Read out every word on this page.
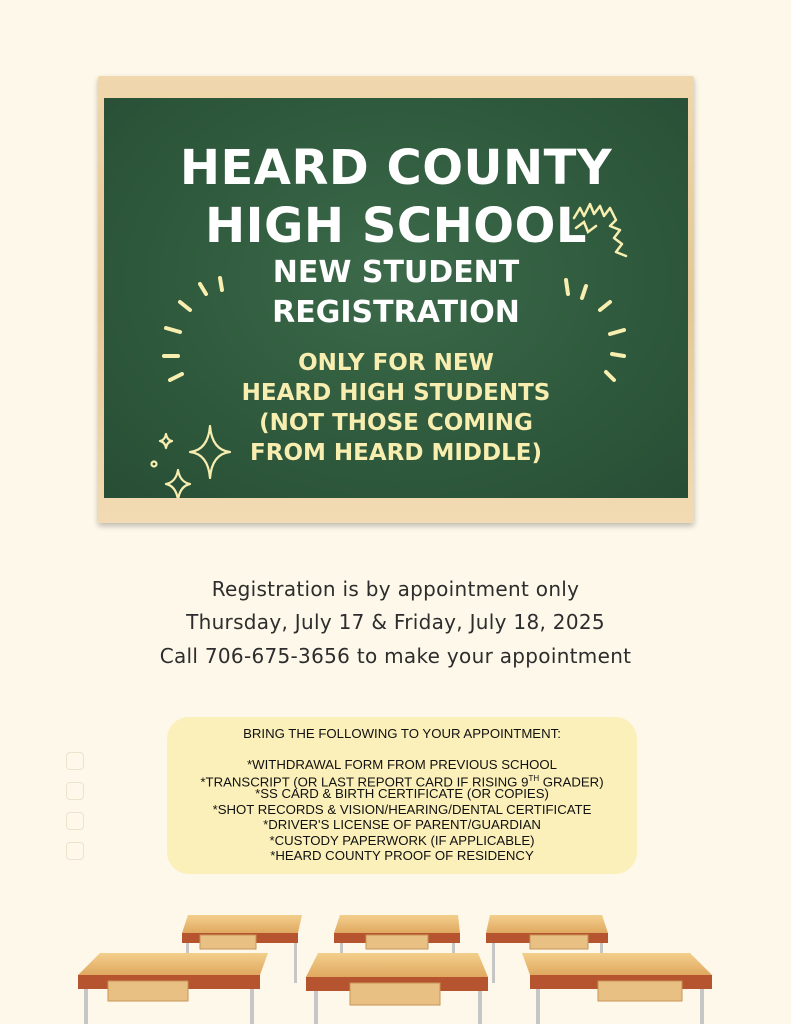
HEARD COUNTY
HIGH SCHOOL
NEW STUDENT
REGISTRATION
ONLY FOR NEW
HEARD HIGH STUDENTS
(NOT THOSE COMING
FROM HEARD MIDDLE)
Registration is by appointment only
Thursday, July 17 & Friday, July 18, 2025
Call 706-675-3656 to make your appointment
BRING THE FOLLOWING TO YOUR APPOINTMENT:
*WITHDRAWAL FORM FROM PREVIOUS SCHOOL
*TRANSCRIPT (OR LAST REPORT CARD IF RISING 9TH GRADER)
*SS CARD & BIRTH CERTIFICATE (OR COPIES)
*SHOT RECORDS & VISION/HEARING/DENTAL CERTIFICATE
*DRIVER'S LICENSE OF PARENT/GUARDIAN
*CUSTODY PAPERWORK (IF APPLICABLE)
*HEARD COUNTY PROOF OF RESIDENCY
